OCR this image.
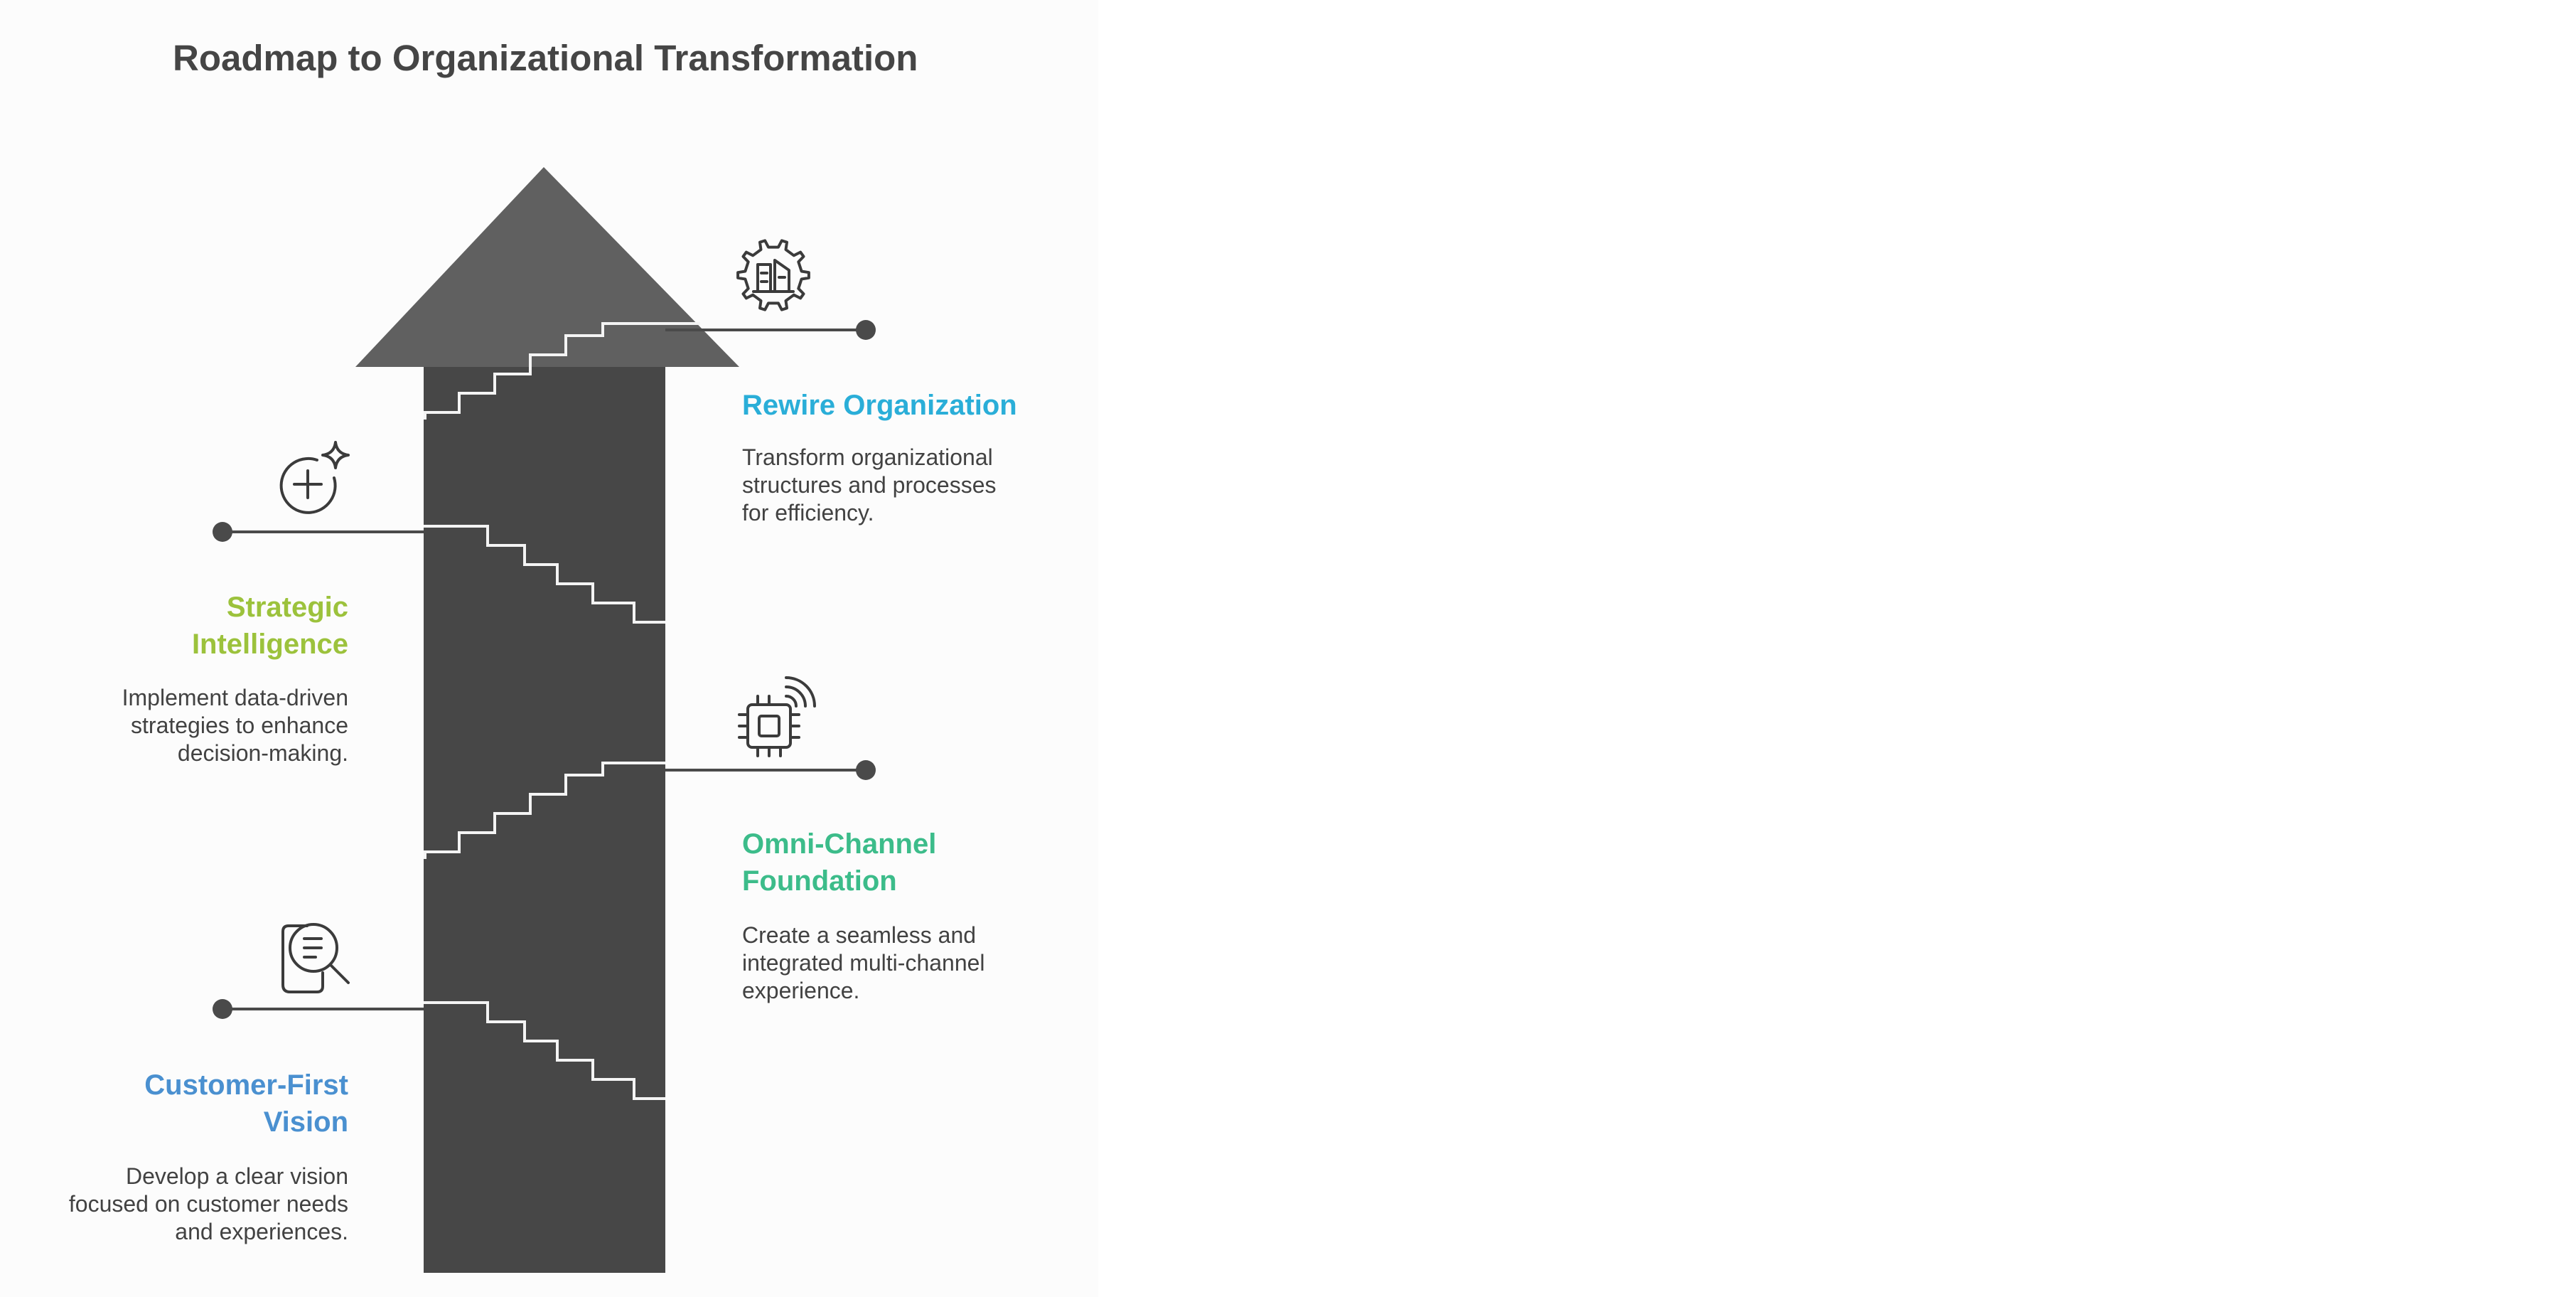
Roadmap to Organizational Transformation
Customer-First
Vision
Develop a clear vision
focused on customer needs
and experiences.
Omni-Channel
Foundation
Create a seamless and
integrated multi-channel
experience.
Strategic
Intelligence
Implement data-driven
strategies to enhance
decision-making.
Rewire Organization
Transform organizational
structures and processes
for efficiency.
